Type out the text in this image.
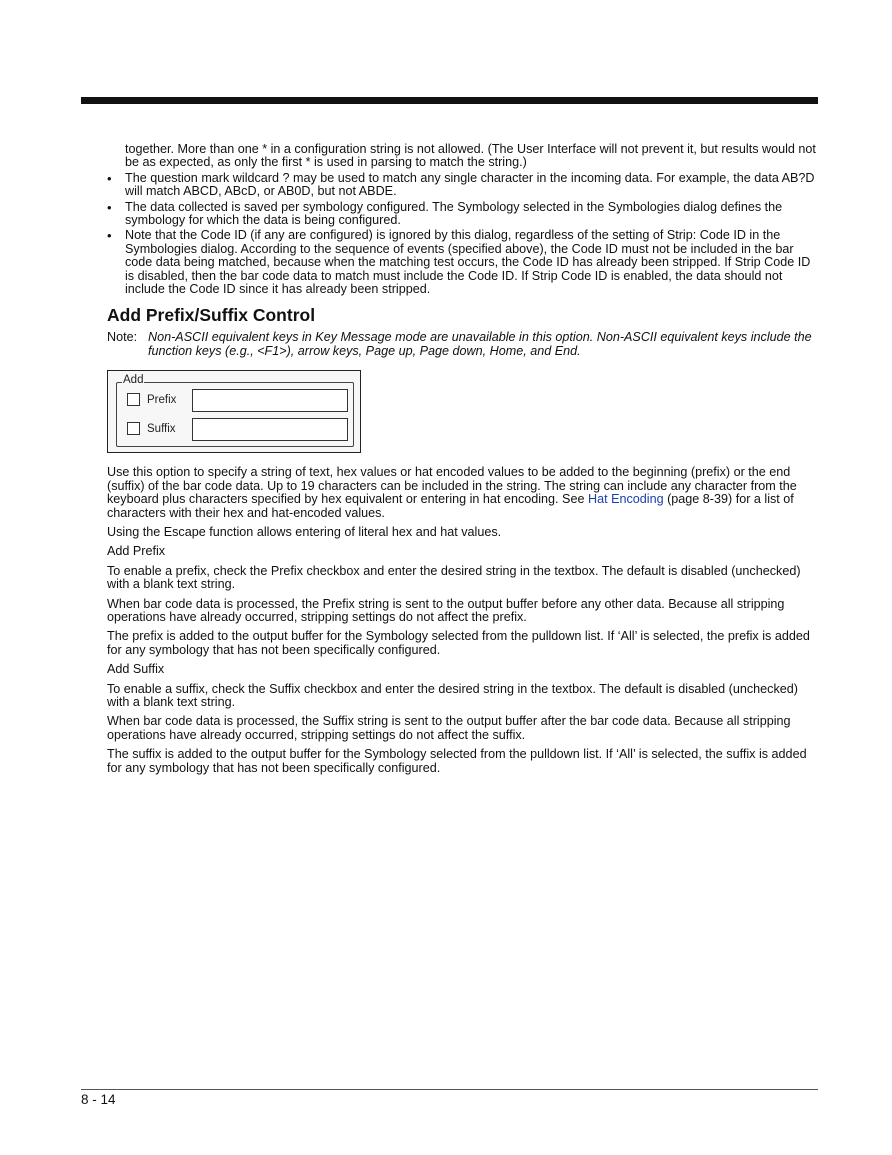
together. More than one * in a configuration string is not allowed. (The User Interface will not prevent it, but results would not be as expected, as only the first * is used in parsing to match the string.)

• The question mark wildcard ? may be used to match any single character in the incoming data. For example, the data AB?D will match ABCD, ABcD, or AB0D, but not ABDE.
• The data collected is saved per symbology configured. The Symbology selected in the Symbologies dialog defines the symbology for which the data is being configured.
• Note that the Code ID (if any are configured) is ignored by this dialog, regardless of the setting of Strip: Code ID in the Symbologies dialog. According to the sequence of events (specified above), the Code ID must not be included in the bar code data being matched, because when the matching test occurs, the Code ID has already been stripped. If Strip Code ID is disabled, then the bar code data to match must include the Code ID. If Strip Code ID is enabled, the data should not include the Code ID since it has already been stripped.
Add Prefix/Suffix Control
Note: Non-ASCII equivalent keys in Key Message mode are unavailable in this option. Non-ASCII equivalent keys include the function keys (e.g., <F1>), arrow keys, Page up, Page down, Home, and End.
Add
Prefix
Suffix

Use this option to specify a string of text, hex values or hat encoded values to be added to the beginning (prefix) or the end (suffix) of the bar code data. Up to 19 characters can be included in the string. The string can include any character from the keyboard plus characters specified by hex equivalent or entering in hat encoding. See Hat Encoding (page 8-39) for a list of characters with their hex and hat-encoded values.

Using the Escape function allows entering of literal hex and hat values.

Add Prefix

To enable a prefix, check the Prefix checkbox and enter the desired string in the textbox. The default is disabled (unchecked) with a blank text string.

When bar code data is processed, the Prefix string is sent to the output buffer before any other data. Because all stripping operations have already occurred, stripping settings do not affect the prefix.

The prefix is added to the output buffer for the Symbology selected from the pulldown list. If ‘All’ is selected, the prefix is added for any symbology that has not been specifically configured.

Add Suffix

To enable a suffix, check the Suffix checkbox and enter the desired string in the textbox. The default is disabled (unchecked) with a blank text string.

When bar code data is processed, the Suffix string is sent to the output buffer after the bar code data. Because all stripping operations have already occurred, stripping settings do not affect the suffix.

The suffix is added to the output buffer for the Symbology selected from the pulldown list. If ‘All’ is selected, the suffix is added for any symbology that has not been specifically configured.

8 - 14
